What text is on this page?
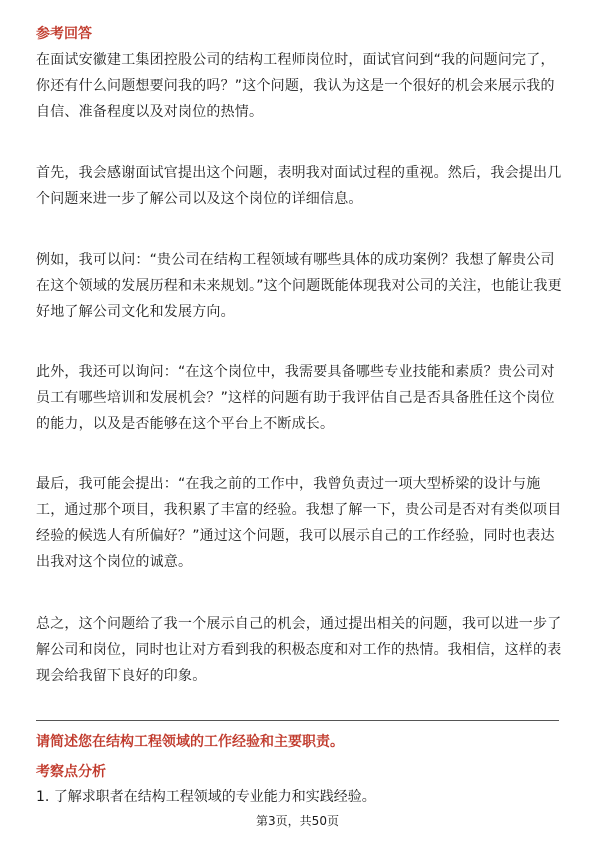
参考回答

在面试安徽建工集团控股公司的结构工程师岗位时，面试官问到“我的问题问完了，你还有什么问题想要问我的吗？”这个问题，我认为这是一个很好的机会来展示我的自信、准备程度以及对岗位的热情。

首先，我会感谢面试官提出这个问题，表明我对面试过程的重视。然后，我会提出几个问题来进一步了解公司以及这个岗位的详细信息。

例如，我可以问：“贵公司在结构工程领域有哪些具体的成功案例？我想了解贵公司在这个领域的发展历程和未来规划。”这个问题既能体现我对公司的关注，也能让我更好地了解公司文化和发展方向。

此外，我还可以询问：“在这个岗位中，我需要具备哪些专业技能和素质？贵公司对员工有哪些培训和发展机会？”这样的问题有助于我评估自己是否具备胜任这个岗位的能力，以及是否能够在这个平台上不断成长。

最后，我可能会提出：“在我之前的工作中，我曾负责过一项大型桥梁的设计与施工，通过那个项目，我积累了丰富的经验。我想了解一下，贵公司是否对有类似项目经验的候选人有所偏好？”通过这个问题，我可以展示自己的工作经验，同时也表达出我对这个岗位的诚意。

总之，这个问题给了我一个展示自己的机会，通过提出相关的问题，我可以进一步了解公司和岗位，同时也让对方看到我的积极态度和对工作的热情。我相信，这样的表现会给我留下良好的印象。

请简述您在结构工程领域的工作经验和主要职责。
考察点分析

1. 了解求职者在结构工程领域的专业能力和实践经验。

第3页，共50页
